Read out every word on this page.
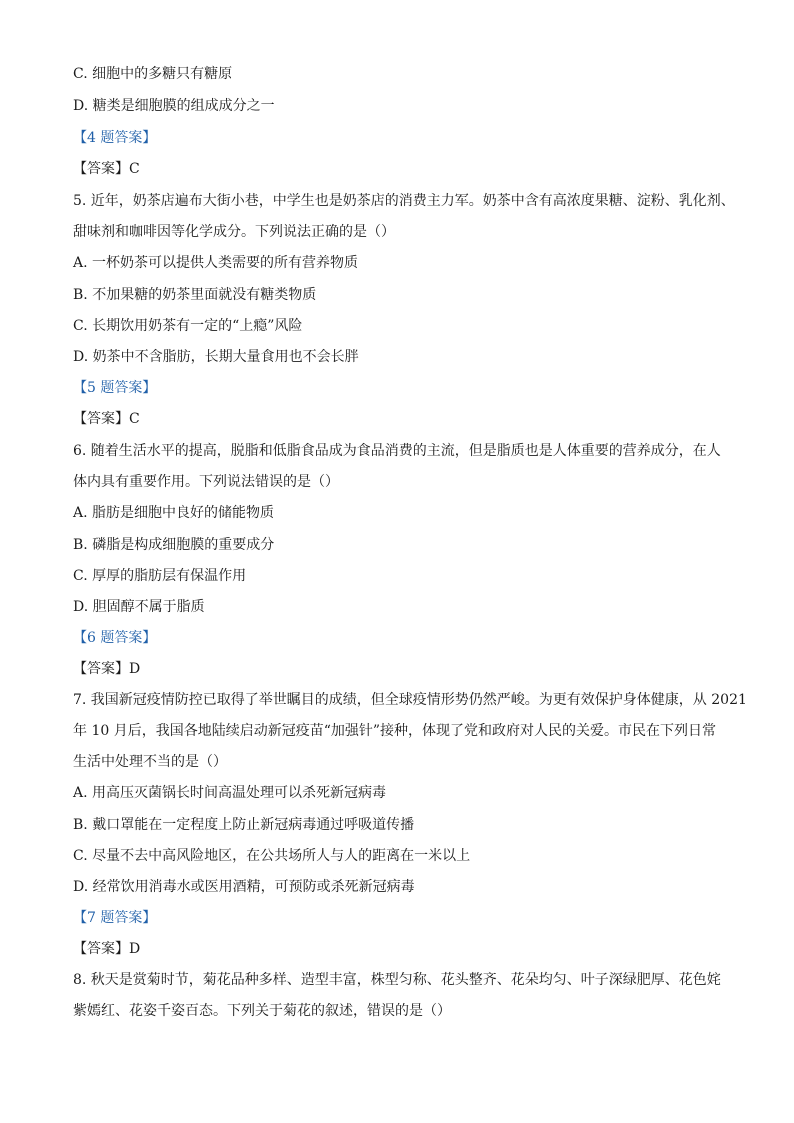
C. 细胞中的多糖只有糖原
D. 糖类是细胞膜的组成成分之一
【4 题答案】
【答案】C
5. 近年，奶茶店遍布大街小巷，中学生也是奶茶店的消费主力军。奶茶中含有高浓度果糖、淀粉、乳化剂、
甜味剂和咖啡因等化学成分。下列说法正确的是（）
A. 一杯奶茶可以提供人类需要的所有营养物质
B. 不加果糖的奶茶里面就没有糖类物质
C. 长期饮用奶茶有一定的“上瘾”风险
D. 奶茶中不含脂肪，长期大量食用也不会长胖
【5 题答案】
【答案】C
6. 随着生活水平的提高，脱脂和低脂食品成为食品消费的主流，但是脂质也是人体重要的营养成分，在人
体内具有重要作用。下列说法错误的是（）
A. 脂肪是细胞中良好的储能物质
B. 磷脂是构成细胞膜的重要成分
C. 厚厚的脂肪层有保温作用
D. 胆固醇不属于脂质
【6 题答案】
【答案】D
7. 我国新冠疫情防控已取得了举世瞩目的成绩，但全球疫情形势仍然严峻。为更有效保护身体健康，从 2021
年 10 月后，我国各地陆续启动新冠疫苗“加强针”接种，体现了党和政府对人民的关爱。市民在下列日常
生活中处理不当的是（）
A. 用高压灭菌锅长时间高温处理可以杀死新冠病毒
B. 戴口罩能在一定程度上防止新冠病毒通过呼吸道传播
C. 尽量不去中高风险地区，在公共场所人与人的距离在一米以上
D. 经常饮用消毒水或医用酒精，可预防或杀死新冠病毒
【7 题答案】
【答案】D
8. 秋天是赏菊时节，菊花品种多样、造型丰富，株型匀称、花头整齐、花朵均匀、叶子深绿肥厚、花色姹
紫嫣红、花姿千姿百态。下列关于菊花的叙述，错误的是（）
